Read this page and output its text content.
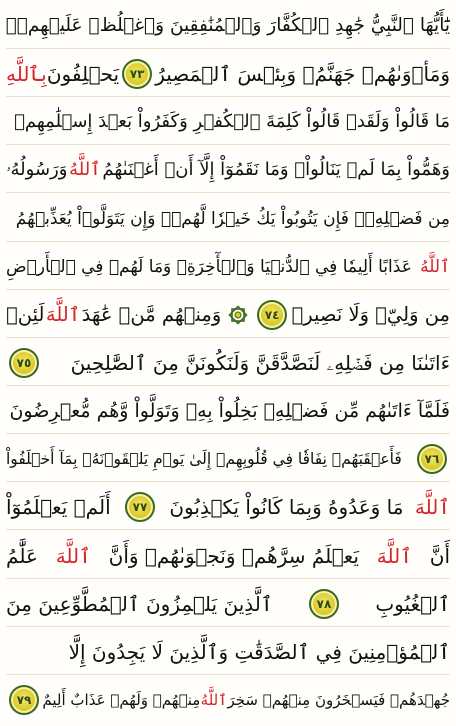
يَٰٓأَيُّهَا ٱلنَّبِيُّ جَٰهِدِ ٱلۡكُفَّارَ وَٱلۡمُنَٰفِقِينَ وَٱغۡلُظۡ عَلَيۡهِمۡۚ
وَمَأۡوَىٰهُمۡ جَهَنَّمُۖ وَبِئۡسَ ٱلۡمَصِيرُ
٧٣
يَحۡلِفُونَ
بِٱللَّهِ
مَا قَالُواْ وَلَقَدۡ قَالُواْ كَلِمَةَ ٱلۡكُفۡرِ وَكَفَرُواْ بَعۡدَ إِسۡلَٰمِهِمۡ
وَهَمُّواْ بِمَا لَمۡ يَنَالُواْۚ وَمَا نَقَمُوٓاْ إِلَّآ أَنۡ أَغۡنَىٰهُمُ
ٱللَّهُ
وَرَسُولُهُۥ
مِن فَضۡلِهِۦۚ فَإِن يَتُوبُواْ يَكُ خَيۡرٗا لَّهُمۡۖ وَإِن يَتَوَلَّوۡاْ يُعَذِّبۡهُمُ
ٱللَّهُ
عَذَابًا أَلِيمٗا فِي ٱلدُّنۡيَا وَٱلۡأٓخِرَةِۚ وَمَا لَهُمۡ فِي ٱلۡأَرۡضِ
مِن وَلِيّٖ وَلَا نَصِيرٖ
٧٤
وَمِنۡهُم مَّنۡ عَٰهَدَ
ٱللَّهَ
لَئِنۡ
ءَاتَىٰنَا مِن فَضۡلِهِۦ لَنَصَّدَّقَنَّ وَلَنَكُونَنَّ مِنَ ٱلصَّٰلِحِينَ
٧٥
فَلَمَّآ ءَاتَىٰهُم مِّن فَضۡلِهِۦ بَخِلُواْ بِهِۦ وَتَوَلَّواْ وَّهُم مُّعۡرِضُونَ
٧٦
فَأَعۡقَبَهُمۡ نِفَاقٗا فِي قُلُوبِهِمۡ إِلَىٰ يَوۡمِ يَلۡقَوۡنَهُۥ بِمَآ أَخۡلَفُواْ
ٱللَّهَ
مَا وَعَدُوهُ وَبِمَا كَانُواْ يَكۡذِبُونَ
٧٧
أَلَمۡ يَعۡلَمُوٓاْ
أَنَّ
ٱللَّهَ
يَعۡلَمُ سِرَّهُمۡ وَنَجۡوَىٰهُمۡ وَأَنَّ
ٱللَّهَ
عَلَّٰمُ
ٱلۡغُيُوبِ
٧٨
ٱلَّذِينَ يَلۡمِزُونَ ٱلۡمُطَّوِّعِينَ مِنَ
ٱلۡمُؤۡمِنِينَ فِي ٱلصَّدَقَٰتِ وَٱلَّذِينَ لَا يَجِدُونَ إِلَّا
جُهۡدَهُمۡ فَيَسۡخَرُونَ مِنۡهُمۡ سَخِرَ
ٱللَّهُ
مِنۡهُمۡ وَلَهُمۡ عَذَابٌ أَلِيمٌ
٧٩
